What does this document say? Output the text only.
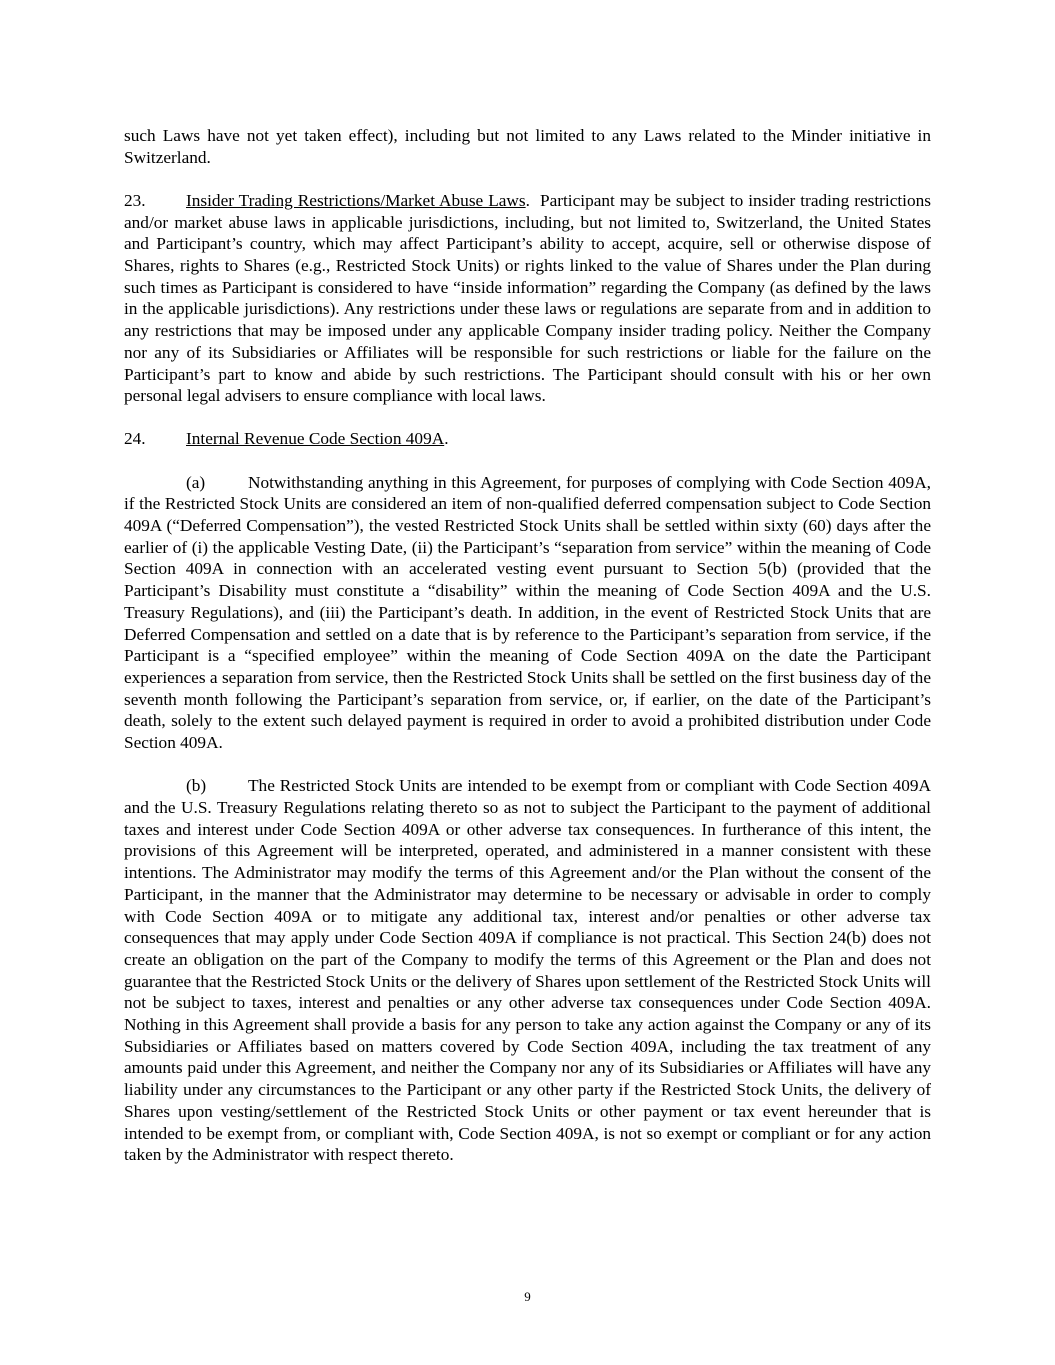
such Laws have not yet taken effect), including but not limited to any Laws related to the Minder initiative in Switzerland.

23. Insider Trading Restrictions/Market Abuse Laws. Participant may be subject to insider trading restrictions and/or market abuse laws in applicable jurisdictions, including, but not limited to, Switzerland, the United States and Participant’s country, which may affect Participant’s ability to accept, acquire, sell or otherwise dispose of Shares, rights to Shares (e.g., Restricted Stock Units) or rights linked to the value of Shares under the Plan during such times as Participant is considered to have “inside information” regarding the Company (as defined by the laws in the applicable jurisdictions). Any restrictions under these laws or regulations are separate from and in addition to any restrictions that may be imposed under any applicable Company insider trading policy. Neither the Company nor any of its Subsidiaries or Affiliates will be responsible for such restrictions or liable for the failure on the Participant’s part to know and abide by such restrictions. The Participant should consult with his or her own personal legal advisers to ensure compliance with local laws.

24. Internal Revenue Code Section 409A.

(a) Notwithstanding anything in this Agreement, for purposes of complying with Code Section 409A, if the Restricted Stock Units are considered an item of non-qualified deferred compensation subject to Code Section 409A (“Deferred Compensation”), the vested Restricted Stock Units shall be settled within sixty (60) days after the earlier of (i) the applicable Vesting Date, (ii) the Participant’s “separation from service” within the meaning of Code Section 409A in connection with an accelerated vesting event pursuant to Section 5(b) (provided that the Participant’s Disability must constitute a “disability” within the meaning of Code Section 409A and the U.S. Treasury Regulations), and (iii) the Participant’s death. In addition, in the event of Restricted Stock Units that are Deferred Compensation and settled on a date that is by reference to the Participant’s separation from service, if the Participant is a “specified employee” within the meaning of Code Section 409A on the date the Participant experiences a separation from service, then the Restricted Stock Units shall be settled on the first business day of the seventh month following the Participant’s separation from service, or, if earlier, on the date of the Participant’s death, solely to the extent such delayed payment is required in order to avoid a prohibited distribution under Code Section 409A.

(b) The Restricted Stock Units are intended to be exempt from or compliant with Code Section 409A and the U.S. Treasury Regulations relating thereto so as not to subject the Participant to the payment of additional taxes and interest under Code Section 409A or other adverse tax consequences. In furtherance of this intent, the provisions of this Agreement will be interpreted, operated, and administered in a manner consistent with these intentions. The Administrator may modify the terms of this Agreement and/or the Plan without the consent of the Participant, in the manner that the Administrator may determine to be necessary or advisable in order to comply with Code Section 409A or to mitigate any additional tax, interest and/or penalties or other adverse tax consequences that may apply under Code Section 409A if compliance is not practical. This Section 24(b) does not create an obligation on the part of the Company to modify the terms of this Agreement or the Plan and does not guarantee that the Restricted Stock Units or the delivery of Shares upon settlement of the Restricted Stock Units will not be subject to taxes, interest and penalties or any other adverse tax consequences under Code Section 409A. Nothing in this Agreement shall provide a basis for any person to take any action against the Company or any of its Subsidiaries or Affiliates based on matters covered by Code Section 409A, including the tax treatment of any amounts paid under this Agreement, and neither the Company nor any of its Subsidiaries or Affiliates will have any liability under any circumstances to the Participant or any other party if the Restricted Stock Units, the delivery of Shares upon vesting/settlement of the Restricted Stock Units or other payment or tax event hereunder that is intended to be exempt from, or compliant with, Code Section 409A, is not so exempt or compliant or for any action taken by the Administrator with respect thereto.

9
